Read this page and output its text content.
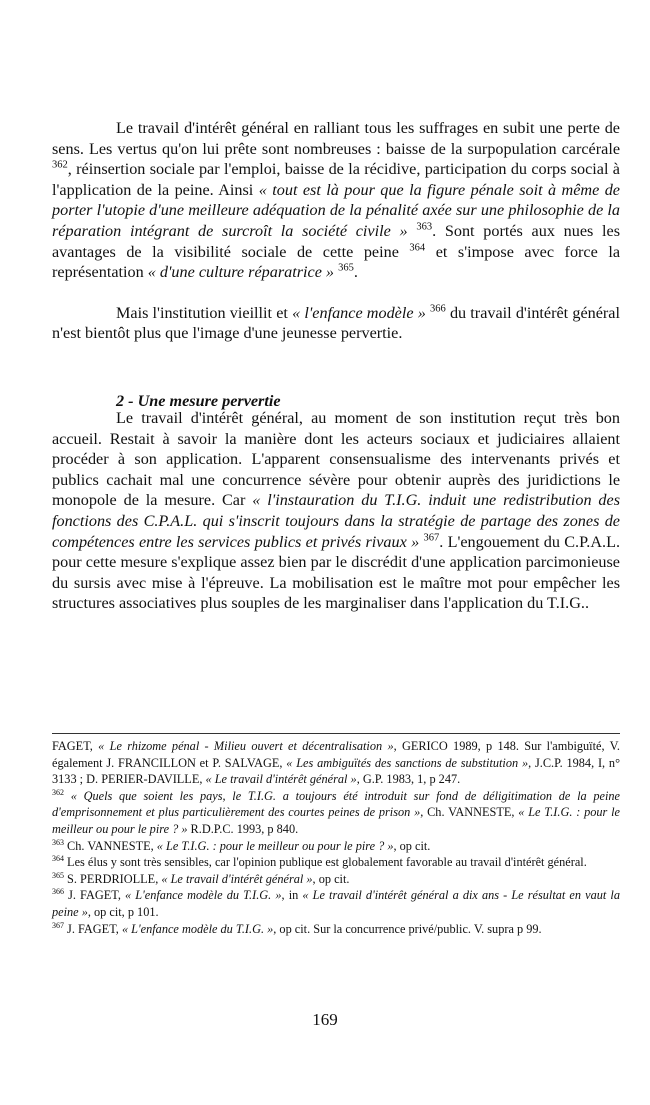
Le travail d'intérêt général en ralliant tous les suffrages en subit une perte de sens. Les vertus qu'on lui prête sont nombreuses : baisse de la surpopulation carcérale $^{362}$, réinsertion sociale par l'emploi, baisse de la récidive, participation du corps social à l'application de la peine. Ainsi « tout est là pour que la figure pénale soit à même de porter l'utopie d'une meilleure adéquation de la pénalité axée sur une philosophie de la réparation intégrant de surcroît la société civile » $^{363}$. Sont portés aux nues les avantages de la visibilité sociale de cette peine $^{364}$ et s'impose avec force la représentation « d'une culture réparatrice » $^{365}$.

Mais l'institution vieillit et « l'enfance modèle » $^{366}$ du travail d'intérêt général n'est bientôt plus que l'image d'une jeunesse pervertie.

Le travail d'intérêt général, au moment de son institution reçut très bon accueil. Restait à savoir la manière dont les acteurs sociaux et judiciaires allaient procéder à son application. L'apparent consensualisme des intervenants privés et publics cachait mal une concurrence sévère pour obtenir auprès des juridictions le monopole de la mesure. Car « l'instauration du T.I.G. induit une redistribution des fonctions des C.P.A.L. qui s'inscrit toujours dans la stratégie de partage des zones de compétences entre les services publics et privés rivaux » $^{367}$. L'engouement du C.P.A.L. pour cette mesure s'explique assez bien par le discrédit d'une application parcimonieuse du sursis avec mise à l'épreuve. La mobilisation est le maître mot pour empêcher les structures associatives plus souples de les marginaliser dans l'application du T.I.G..

2 - Une mesure pervertie

FAGET, « Le rhizome pénal - Milieu ouvert et décentralisation », GERICO 1989, p 148. Sur l'ambiguïté, V. également J. FRANCILLON et P. SALVAGE, « Les ambiguïtés des sanctions de substitution », J.C.P. 1984, I, n° 3133 ; D. PERIER-DAVILLE, « Le travail d'intérêt général », G.P. 1983, 1, p 247.

$^{362}$ « Quels que soient les pays, le T.I.G. a toujours été introduit sur fond de déligitimation de la peine d'emprisonnement et plus particulièrement des courtes peines de prison », Ch. VANNESTE, « Le T.I.G. : pour le meilleur ou pour le pire ? » R.D.P.C. 1993, p 840.

$^{363}$ Ch. VANNESTE, « Le T.I.G. : pour le meilleur ou pour le pire ? », op cit.

$^{364}$ Les élus y sont très sensibles, car l'opinion publique est globalement favorable au travail d'intérêt général.

$^{365}$ S. PERDRIOLLE, « Le travail d'intérêt général », op cit.

$^{366}$ J. FAGET, « L'enfance modèle du T.I.G. », in « Le travail d'intérêt général a dix ans - Le résultat en vaut la peine », op cit, p 101.

$^{367}$ J. FAGET, « L'enfance modèle du T.I.G. », op cit. Sur la concurrence privé/public. V. supra p 99.

169
